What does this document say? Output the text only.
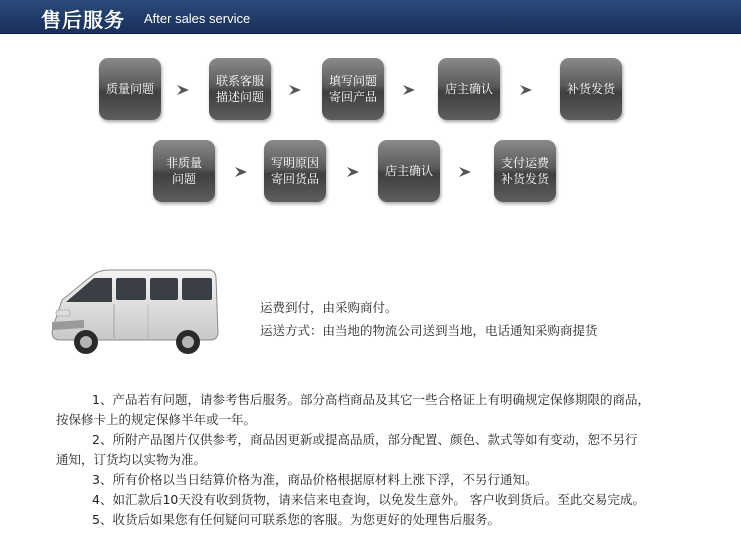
售后服务 After sales service
质量问题
联系客服
描述问题
填写问题
寄回产品
店主确认	补货发货
非质量
问题
写明原因
寄回货品
店主确认
支付运费
补货发货
运费到付，由采购商付。
运送方式：由当地的物流公司送到当地，电话通知采购商提货
1、产品若有问题，请参考售后服务。部分高档商品及其它一些合格证上有明确规定保修期限的商品，
按保修卡上的规定保修半年或一年。
2、所附产品图片仅供参考，商品因更新或提高品质，部分配置、颜色、款式等如有变动，恕不另行
通知，订货均以实物为准。
3、所有价格以当日结算价格为准，商品价格根据原材料上涨下浮，不另行通知。
4、如汇款后10天没有收到货物，请来信来电查询，以免发生意外。 客户收到货后。至此交易完成。
5、收货后如果您有任何疑问可联系您的客服。为您更好的处理售后服务。
